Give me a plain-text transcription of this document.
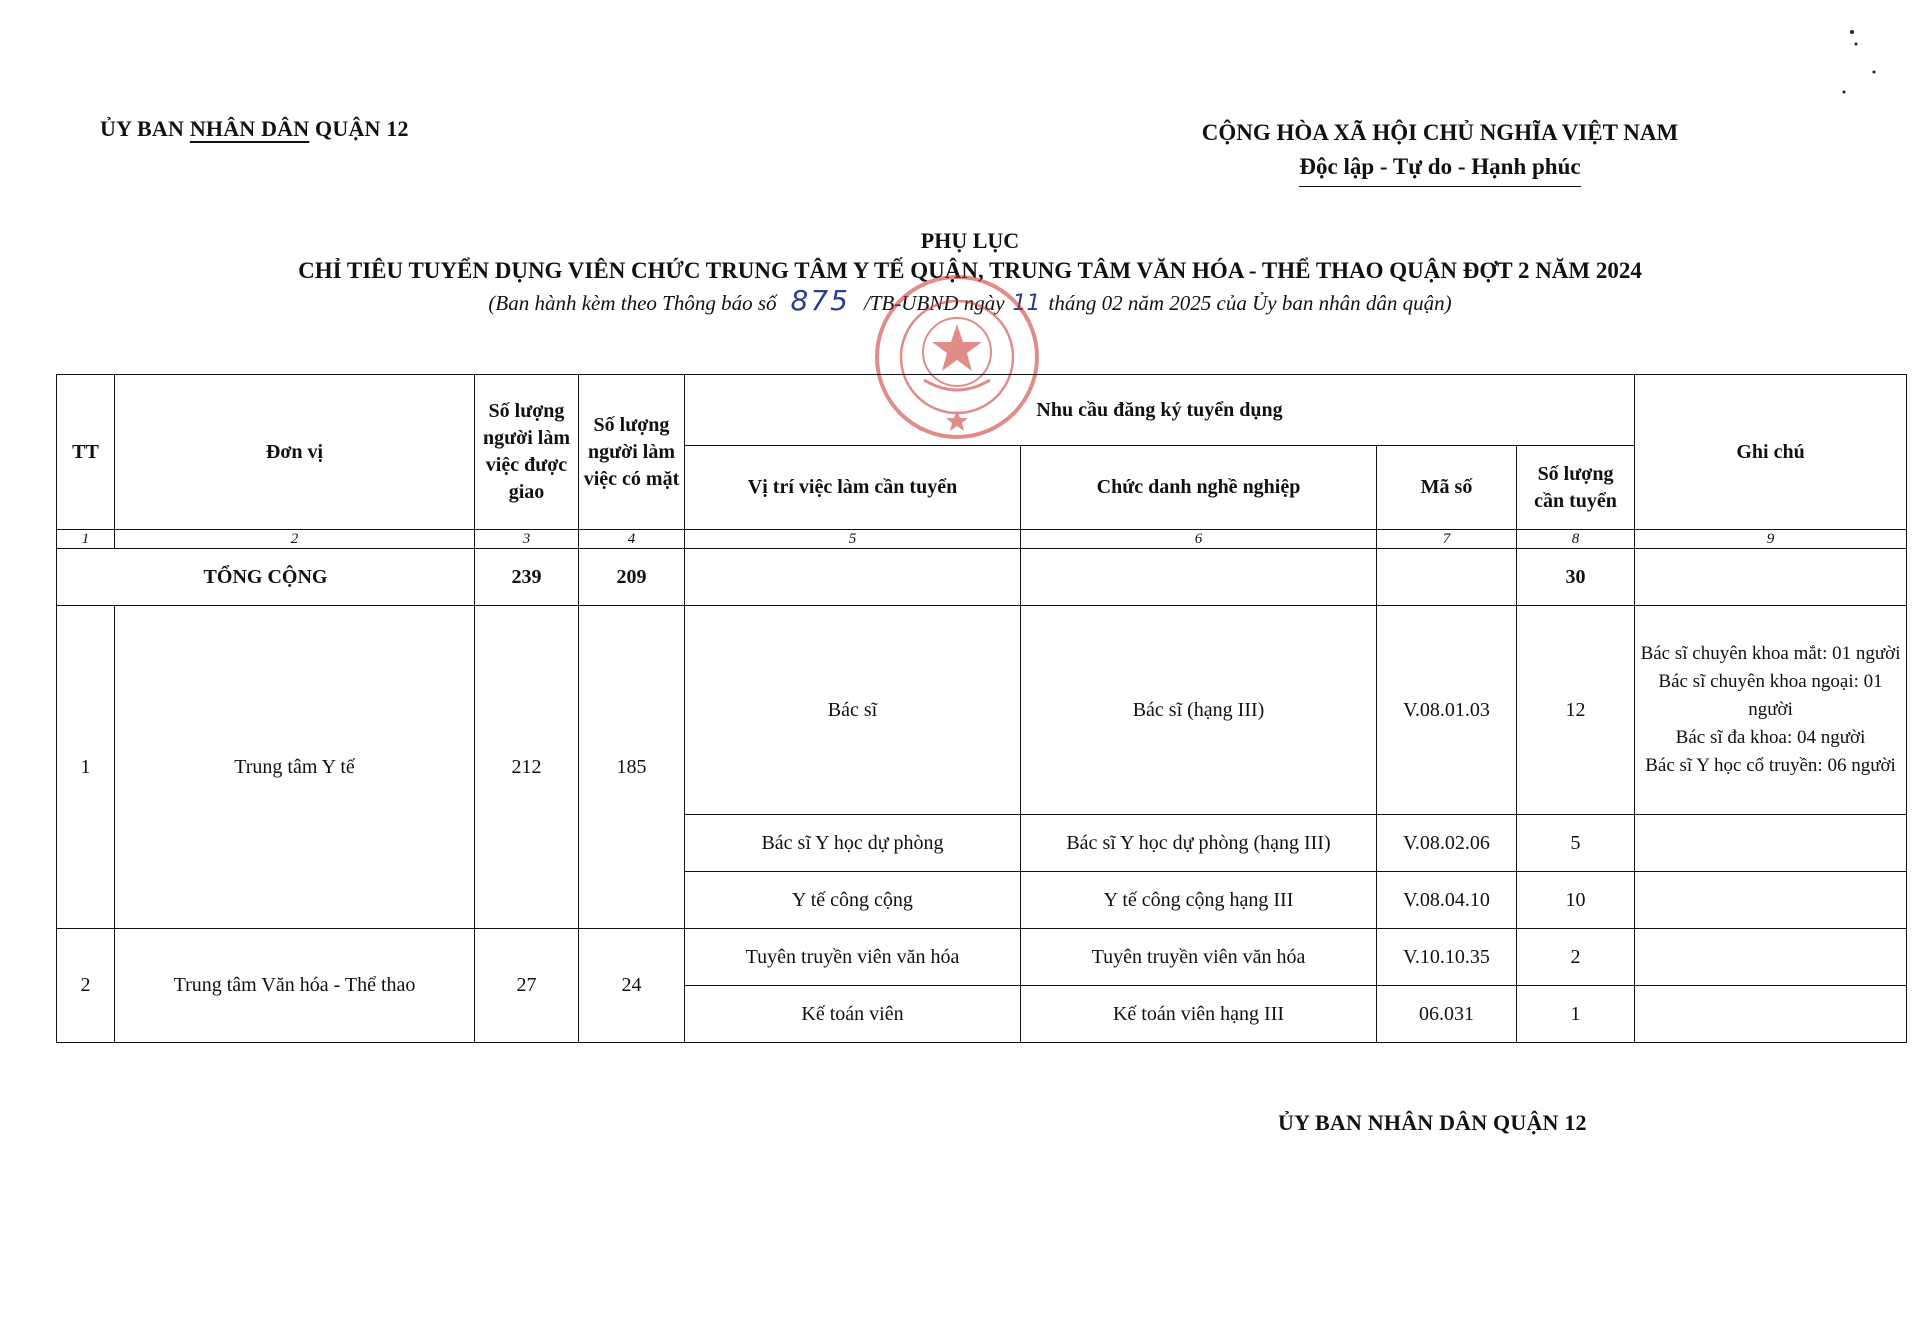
ỦY BAN NHÂN DÂN QUẬN 12	CỘNG HÒA XÃ HỘI CHỦ NGHĨA VIỆT NAM
Độc lập - Tự do - Hạnh phúc
PHỤ LỤC
CHỈ TIÊU TUYỂN DỤNG VIÊN CHỨC TRUNG TÂM Y TẾ QUẬN, TRUNG TÂM VĂN HÓA - THỂ THAO QUẬN ĐỢT 2 NĂM 2024
(Ban hành kèm theo Thông báo số 875 /TB-UBND ngày 11 tháng 02 năm 2025 của Ủy ban nhân dân quận)
TT	Đơn vị	Số lượng người làm việc được giao	Số lượng người làm việc có mặt	Nhu cầu đăng ký tuyển dụng				Ghi chú
				Vị trí việc làm cần tuyển	Chức danh nghề nghiệp	Mã số	Số lượng cần tuyển	
1	2	3	4	5	6	7	8	9
TỔNG CỘNG		239	209				30	
1	Trung tâm Y tế	212	185	Bác sĩ	Bác sĩ (hạng III)	V.08.01.03	12	Bác sĩ chuyên khoa mắt: 01 người
Bác sĩ chuyên khoa ngoại: 01 người
Bác sĩ đa khoa: 04 người
Bác sĩ Y học cổ truyền: 06 người

				Bác sĩ Y học dự phòng	Bác sĩ Y học dự phòng (hạng III)	V.08.02.06	5	
				Y tế công cộng	Y tế công cộng hạng III	V.08.04.10	10	
2	Trung tâm Văn hóa - Thể thao	27	24	Tuyên truyền viên văn hóa	Tuyên truyền viên văn hóa	V.10.10.35	2	
				Kế toán viên	Kế toán viên hạng III	06.031	1	
ỦY BAN NHÂN DÂN QUẬN 12
